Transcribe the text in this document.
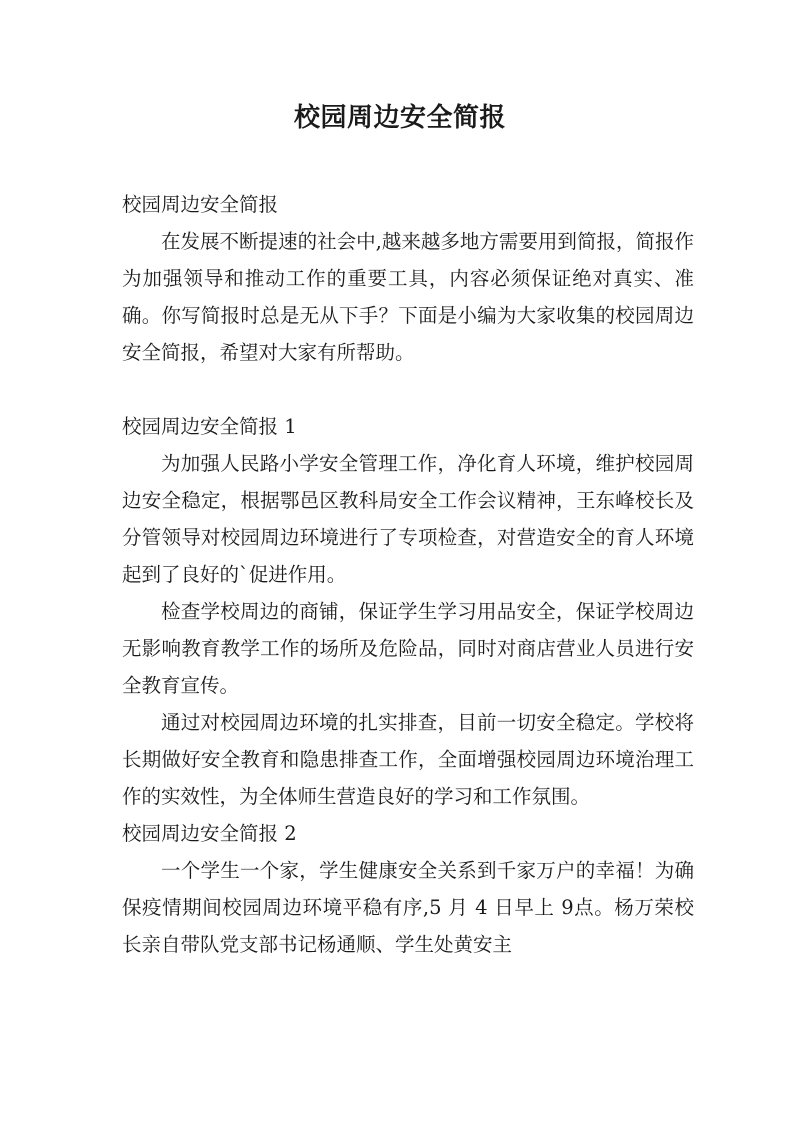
校园周边安全简报

校园周边安全简报

在发展不断提速的社会中,越来越多地方需要用到简报，简报作为加强领导和推动工作的重要工具，内容必须保证绝对真实、准确。你写简报时总是无从下手？下面是小编为大家收集的校园周边安全简报，希望对大家有所帮助。

校园周边安全简报 1

为加强人民路小学安全管理工作，净化育人环境，维护校园周边安全稳定，根据鄂邑区教科局安全工作会议精神，王东峰校长及分管领导对校园周边环境进行了专项检查，对营造安全的育人环境起到了良好的`促进作用。

检查学校周边的商铺，保证学生学习用品安全，保证学校周边无影响教育教学工作的场所及危险品，同时对商店营业人员进行安全教育宣传。

通过对校园周边环境的扎实排查，目前一切安全稳定。学校将长期做好安全教育和隐患排查工作，全面增强校园周边环境治理工作的实效性，为全体师生营造良好的学习和工作氛围。

校园周边安全简报 2

一个学生一个家，学生健康安全关系到千家万户的幸福！为确保疫情期间校园周边环境平稳有序,5 月 4 日早上 9点。杨万荣校长亲自带队党支部书记杨通顺、学生处黄安主
